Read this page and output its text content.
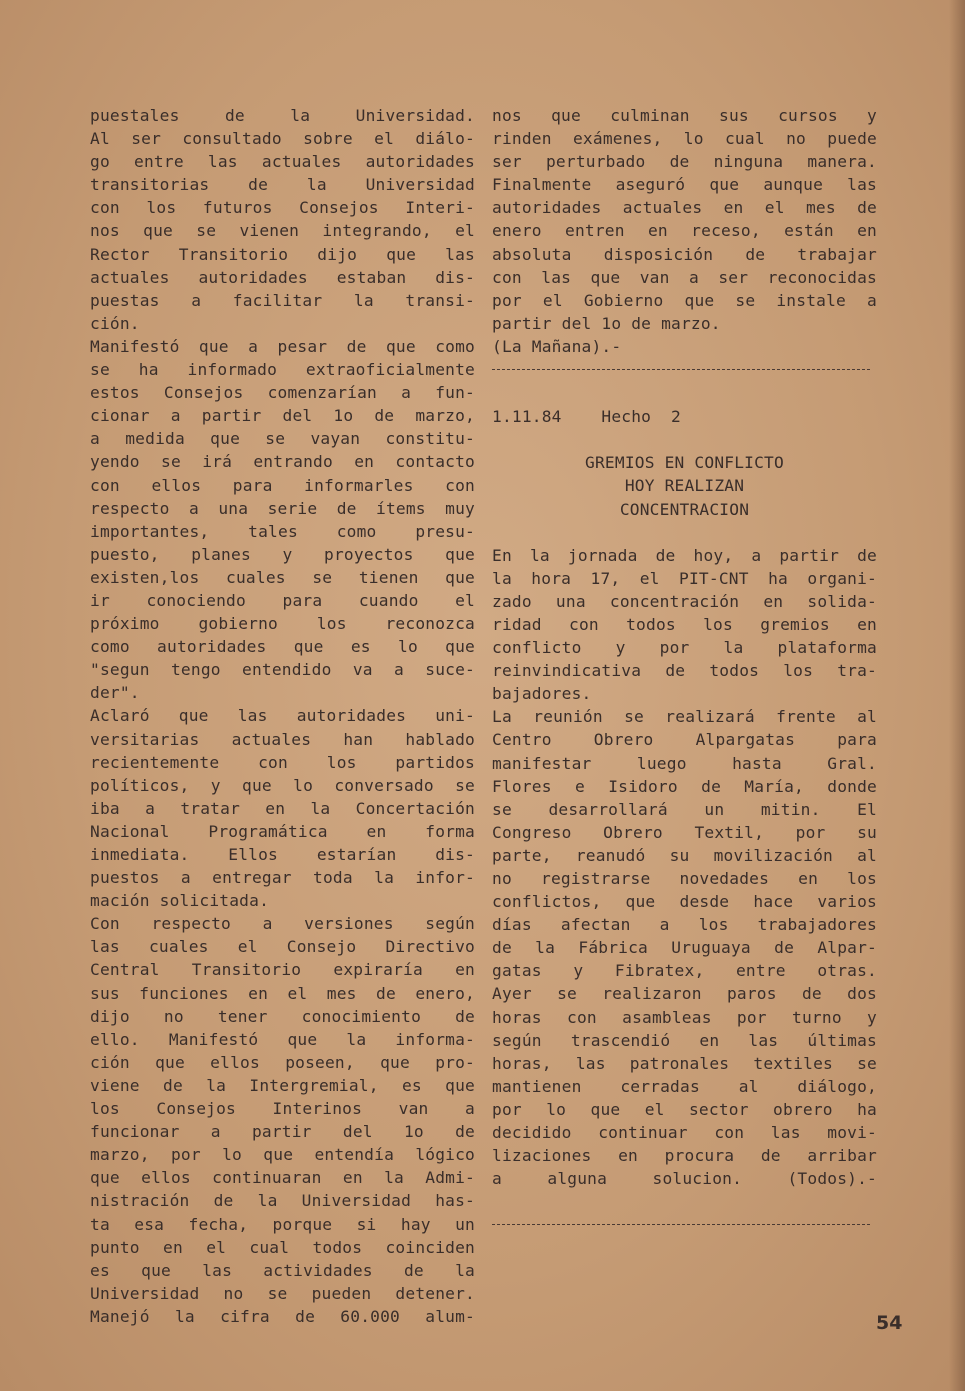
puestales de la Universidad.
Al ser consultado sobre el diálo-
go entre las actuales autoridades
transitorias de la Universidad
con los futuros Consejos Interi-
nos que se vienen integrando, el
Rector Transitorio dijo que las
actuales autoridades estaban dis-
puestas a facilitar la transi-
ción.
Manifestó que a pesar de que como
se ha informado extraoficialmente
estos Consejos comenzarían a fun-
cionar a partir del 1o de marzo,
a medida que se vayan constitu-
yendo se irá entrando en contacto
con ellos para informarles con
respecto a una serie de ítems muy
importantes, tales como presu-
puesto, planes y proyectos que
existen,los cuales se tienen que
ir conociendo para cuando el
próximo gobierno los reconozca
como autoridades que es lo que
"segun tengo entendido va a suce-
der".
Aclaró que las autoridades uni-
versitarias actuales han hablado
recientemente con los partidos
políticos, y que lo conversado se
iba a tratar en la Concertación
Nacional Programática en forma
inmediata. Ellos estarían dis-
puestos a entregar toda la infor-
mación solicitada.
Con respecto a versiones según
las cuales el Consejo Directivo
Central Transitorio expiraría en
sus funciones en el mes de enero,
dijo no tener conocimiento de
ello. Manifestó que la informa-
ción que ellos poseen, que pro-
viene de la Intergremial, es que
los Consejos Interinos van a
funcionar a partir del 1o de
marzo, por lo que entendía lógico
que ellos continuaran en la Admi-
nistración de la Universidad has-
ta esa fecha, porque si hay un
punto en el cual todos coinciden
es que las actividades de la
Universidad no se pueden detener.
Manejó la cifra de 60.000 alum-
nos que culminan sus cursos y
rinden exámenes, lo cual no puede
ser perturbado de ninguna manera.
Finalmente aseguró que aunque las
autoridades actuales en el mes de
enero entren en receso, están en
absoluta disposición de trabajar
con las que van a ser reconocidas
por el Gobierno que se instale a
partir del 1o de marzo.
(La Mañana).-
1.11.84    Hecho  2
GREMIOS EN CONFLICTO
HOY REALIZAN
CONCENTRACION
En la jornada de hoy, a partir de
la hora 17, el PIT-CNT ha organi-
zado una concentración en solida-
ridad con todos los gremios en
conflicto y por la plataforma
reinvindicativa de todos los tra-
bajadores.
La reunión se realizará frente al
Centro Obrero Alpargatas para
manifestar luego hasta Gral.
Flores e Isidoro de María, donde
se desarrollará un mitin. El
Congreso Obrero Textil, por su
parte, reanudó su movilización al
no registrarse novedades en los
conflictos, que desde hace varios
días afectan a los trabajadores
de la Fábrica Uruguaya de Alpar-
gatas y Fibratex, entre otras.
Ayer se realizaron paros de dos
horas con asambleas por turno y
según trascendió en las últimas
horas, las patronales textiles se
mantienen cerradas al diálogo,
por lo que el sector obrero ha
decidido continuar con las movi-
lizaciones en procura de arribar
a alguna solucion. (Todos).-
54
